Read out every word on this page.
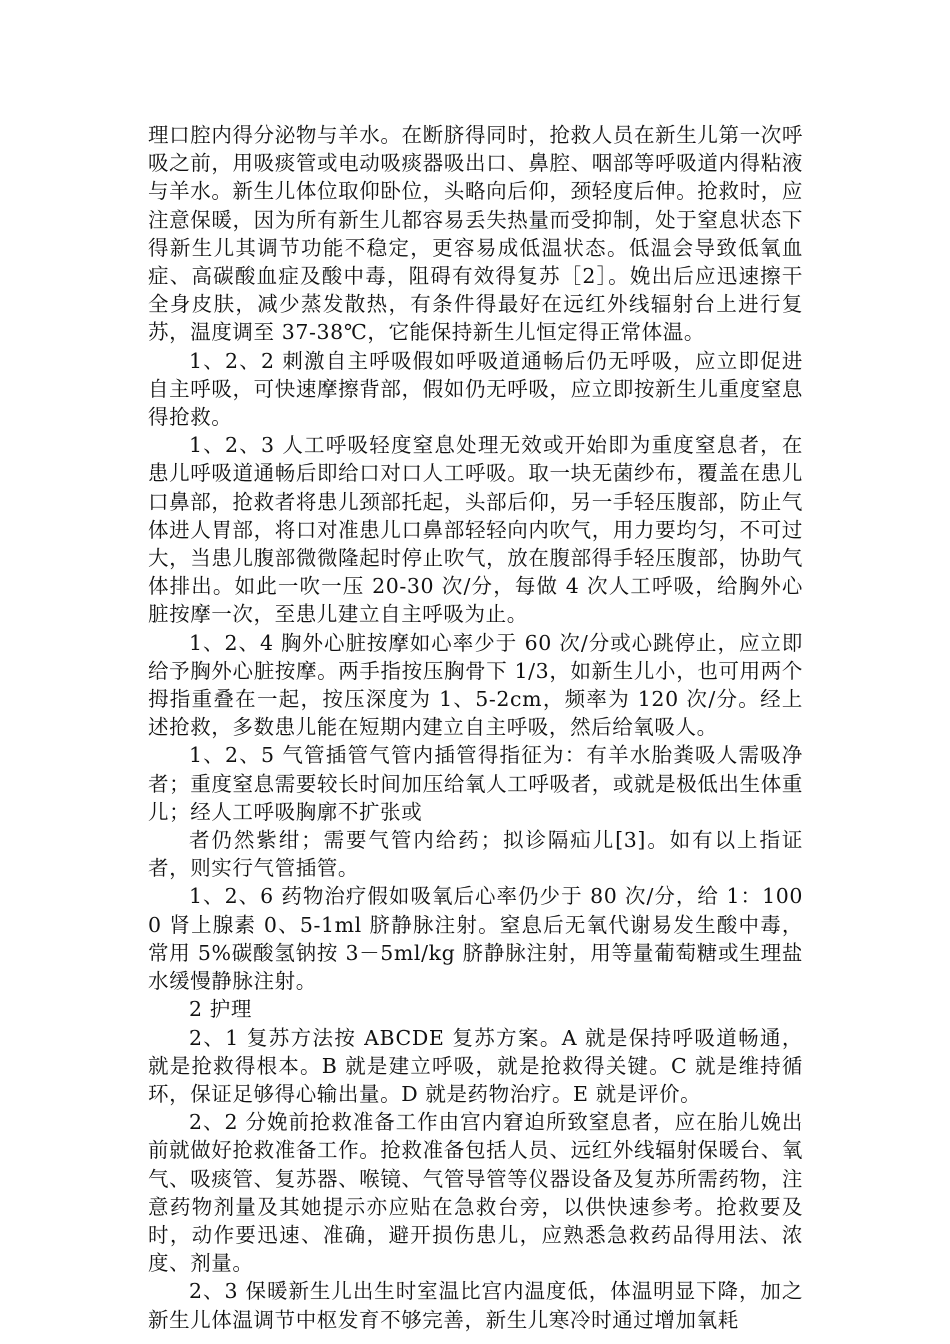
理口腔内得分泌物与羊水。在断脐得同时，抢救人员在新生儿第一次呼吸之前，用吸痰管或电动吸痰器吸出口、鼻腔、咽部等呼吸道内得粘液与羊水。新生儿体位取仰卧位，头略向后仰，颈轻度后伸。抢救时，应注意保暖，因为所有新生儿都容易丢失热量而受抑制，处于窒息状态下得新生儿其调节功能不稳定，更容易成低温状态。低温会导致低氧血症、高碳酸血症及酸中毒，阻碍有效得复苏［2］。娩出后应迅速擦干全身皮肤，减少蒸发散热，有条件得最好在远红外线辐射台上进行复苏，温度调至 37-38℃，它能保持新生儿恒定得正常体温。

1、2、2 刺激自主呼吸假如呼吸道通畅后仍无呼吸，应立即促进自主呼吸，可快速摩擦背部，假如仍无呼吸，应立即按新生儿重度窒息得抢救。

1、2、3 人工呼吸轻度窒息处理无效或开始即为重度窒息者，在患儿呼吸道通畅后即给口对口人工呼吸。取一块无菌纱布，覆盖在患儿口鼻部，抢救者将患儿颈部托起，头部后仰，另一手轻压腹部，防止气体进人胃部，将口对准患儿口鼻部轻轻向内吹气，用力要均匀，不可过大，当患儿腹部微微隆起时停止吹气，放在腹部得手轻压腹部，协助气体排出。如此一吹一压 20-30 次/分，每做 4 次人工呼吸，给胸外心脏按摩一次，至患儿建立自主呼吸为止。

1、2、4 胸外心脏按摩如心率少于 60 次/分或心跳停止，应立即给予胸外心脏按摩。两手指按压胸骨下 1/3，如新生儿小，也可用两个拇指重叠在一起，按压深度为 1、5-2cm，频率为 120 次/分。经上述抢救，多数患儿能在短期内建立自主呼吸，然后给氧吸人。

1、2、5 气管插管气管内插管得指征为：有羊水胎粪吸人需吸净者；重度窒息需要较长时间加压给氧人工呼吸者，或就是极低出生体重儿；经人工呼吸胸廓不扩张或

者仍然紫绀；需要气管内给药；拟诊隔疝儿[3]。如有以上指证者，则实行气管插管。

1、2、6 药物治疗假如吸氧后心率仍少于 80 次/分，给 1：1000 肾上腺素 0、5-1ml 脐静脉注射。窒息后无氧代谢易发生酸中毒，常用 5%碳酸氢钠按 3－5ml/kg 脐静脉注射，用等量葡萄糖或生理盐水缓慢静脉注射。

2 护理

2、1 复苏方法按 ABCDE 复苏方案。A 就是保持呼吸道畅通，就是抢救得根本。B 就是建立呼吸，就是抢救得关键。C 就是维持循环，保证足够得心输出量。D 就是药物治疗。E 就是评价。

2、2 分娩前抢救准备工作由宫内窘迫所致窒息者，应在胎儿娩出前就做好抢救准备工作。抢救准备包括人员、远红外线辐射保暖台、氧气、吸痰管、复苏器、喉镜、气管导管等仪器设备及复苏所需药物，注意药物剂量及其她提示亦应贴在急救台旁，以供快速参考。抢救要及时，动作要迅速、准确，避开损伤患儿，应熟悉急救药品得用法、浓度、剂量。

2、3 保暖新生儿出生时室温比宫内温度低，体温明显下降，加之新生儿体温调节中枢发育不够完善，新生儿寒冷时通过增加氧耗
